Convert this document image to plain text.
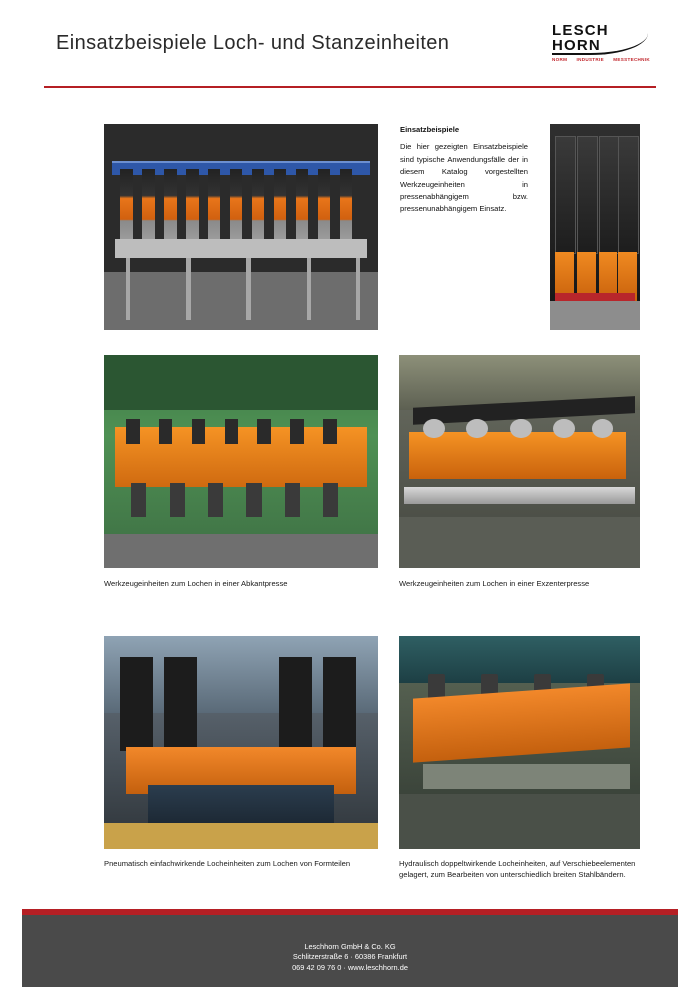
Einsatzbeispiele Loch- und Stanzeinheiten
LESCH
HORN
NORM INDUSTRIE MESSTECHNIK
Einsatzbeispiele
Die hier gezeigten Einsatzbeispiele sind typische Anwendungsfälle der in diesem Katalog vorgestellten Werkzeugeinheiten in pressenabhängigem bzw. pressenunabhängigem Einsatz.
Werkzeugeinheiten zum Lochen in einer Abkantpresse	Werkzeugeinheiten zum Lochen in einer Exzenterpresse
Pneumatisch einfachwirkende Locheinheiten zum Lochen von Formteilen	Hydraulisch doppeltwirkende Locheinheiten, auf Verschiebeelementen gelagert, zum Bearbeiten von unterschiedlich breiten Stahlbändern.
Leschhorn GmbH & Co. KG
Schlitzerstraße 6 · 60386 Frankfurt
069 42 09 76 0 · www.leschhorn.de
